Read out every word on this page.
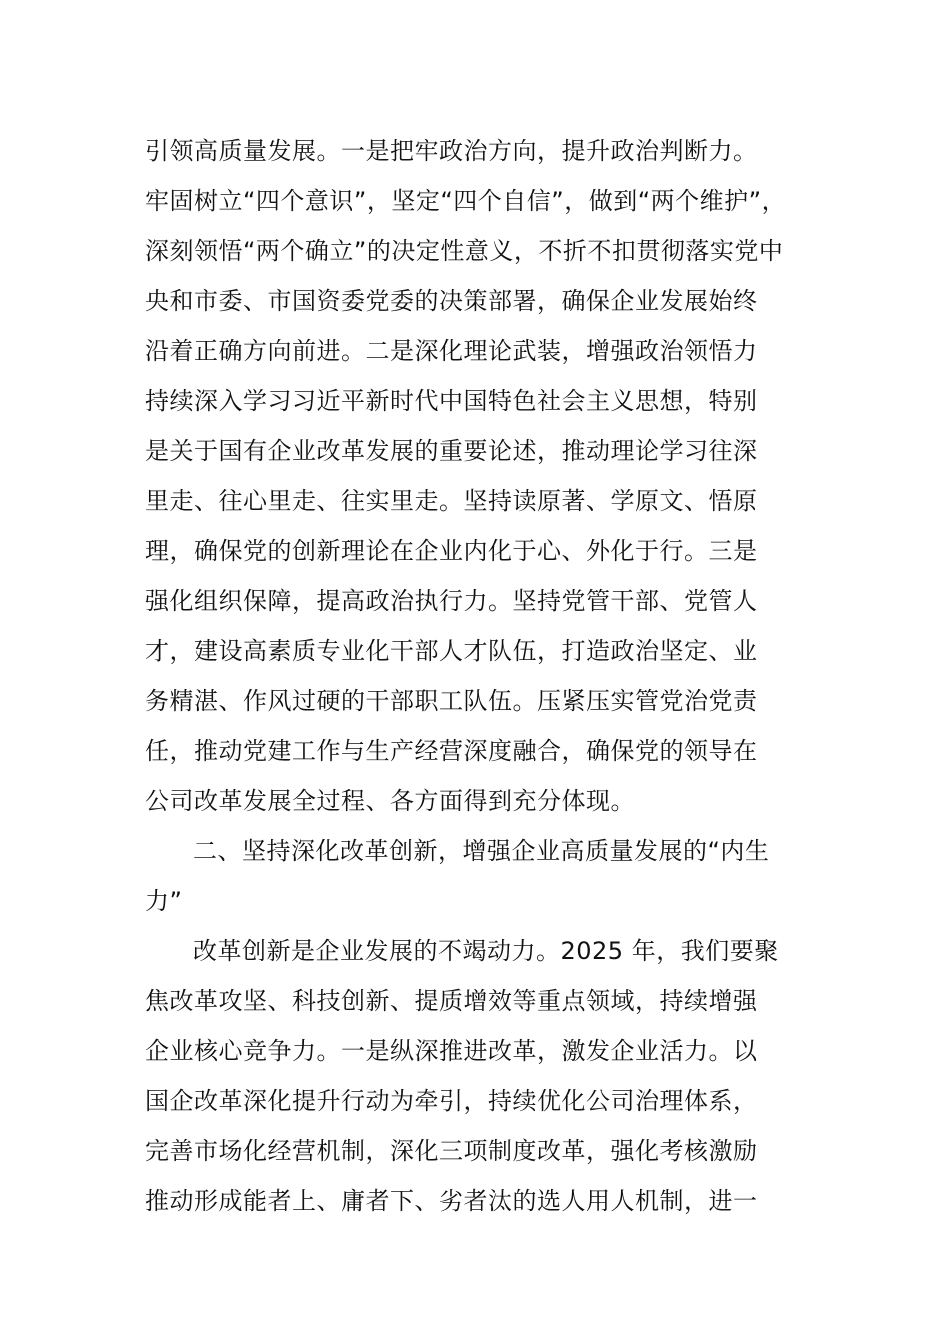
引领高质量发展。一是把牢政治方向，提升政治判断力。
牢固树立“四个意识”，坚定“四个自信”，做到“两个维护”，
深刻领悟“两个确立”的决定性意义，不折不扣贯彻落实党中
央和市委、市国资委党委的决策部署，确保企业发展始终
沿着正确方向前进。二是深化理论武装，增强政治领悟力
持续深入学习习近平新时代中国特色社会主义思想，特别
是关于国有企业改革发展的重要论述，推动理论学习往深
里走、往心里走、往实里走。坚持读原著、学原文、悟原
理，确保党的创新理论在企业内化于心、外化于行。三是
强化组织保障，提高政治执行力。坚持党管干部、党管人
才，建设高素质专业化干部人才队伍，打造政治坚定、业
务精湛、作风过硬的干部职工队伍。压紧压实管党治党责
任，推动党建工作与生产经营深度融合，确保党的领导在
公司改革发展全过程、各方面得到充分体现。
二、坚持深化改革创新，增强企业高质量发展的“内生
力”
改革创新是企业发展的不竭动力。2025 年，我们要聚
焦改革攻坚、科技创新、提质增效等重点领域，持续增强
企业核心竞争力。一是纵深推进改革，激发企业活力。以
国企改革深化提升行动为牵引，持续优化公司治理体系，
完善市场化经营机制，深化三项制度改革，强化考核激励
推动形成能者上、庸者下、劣者汰的选人用人机制，进一
